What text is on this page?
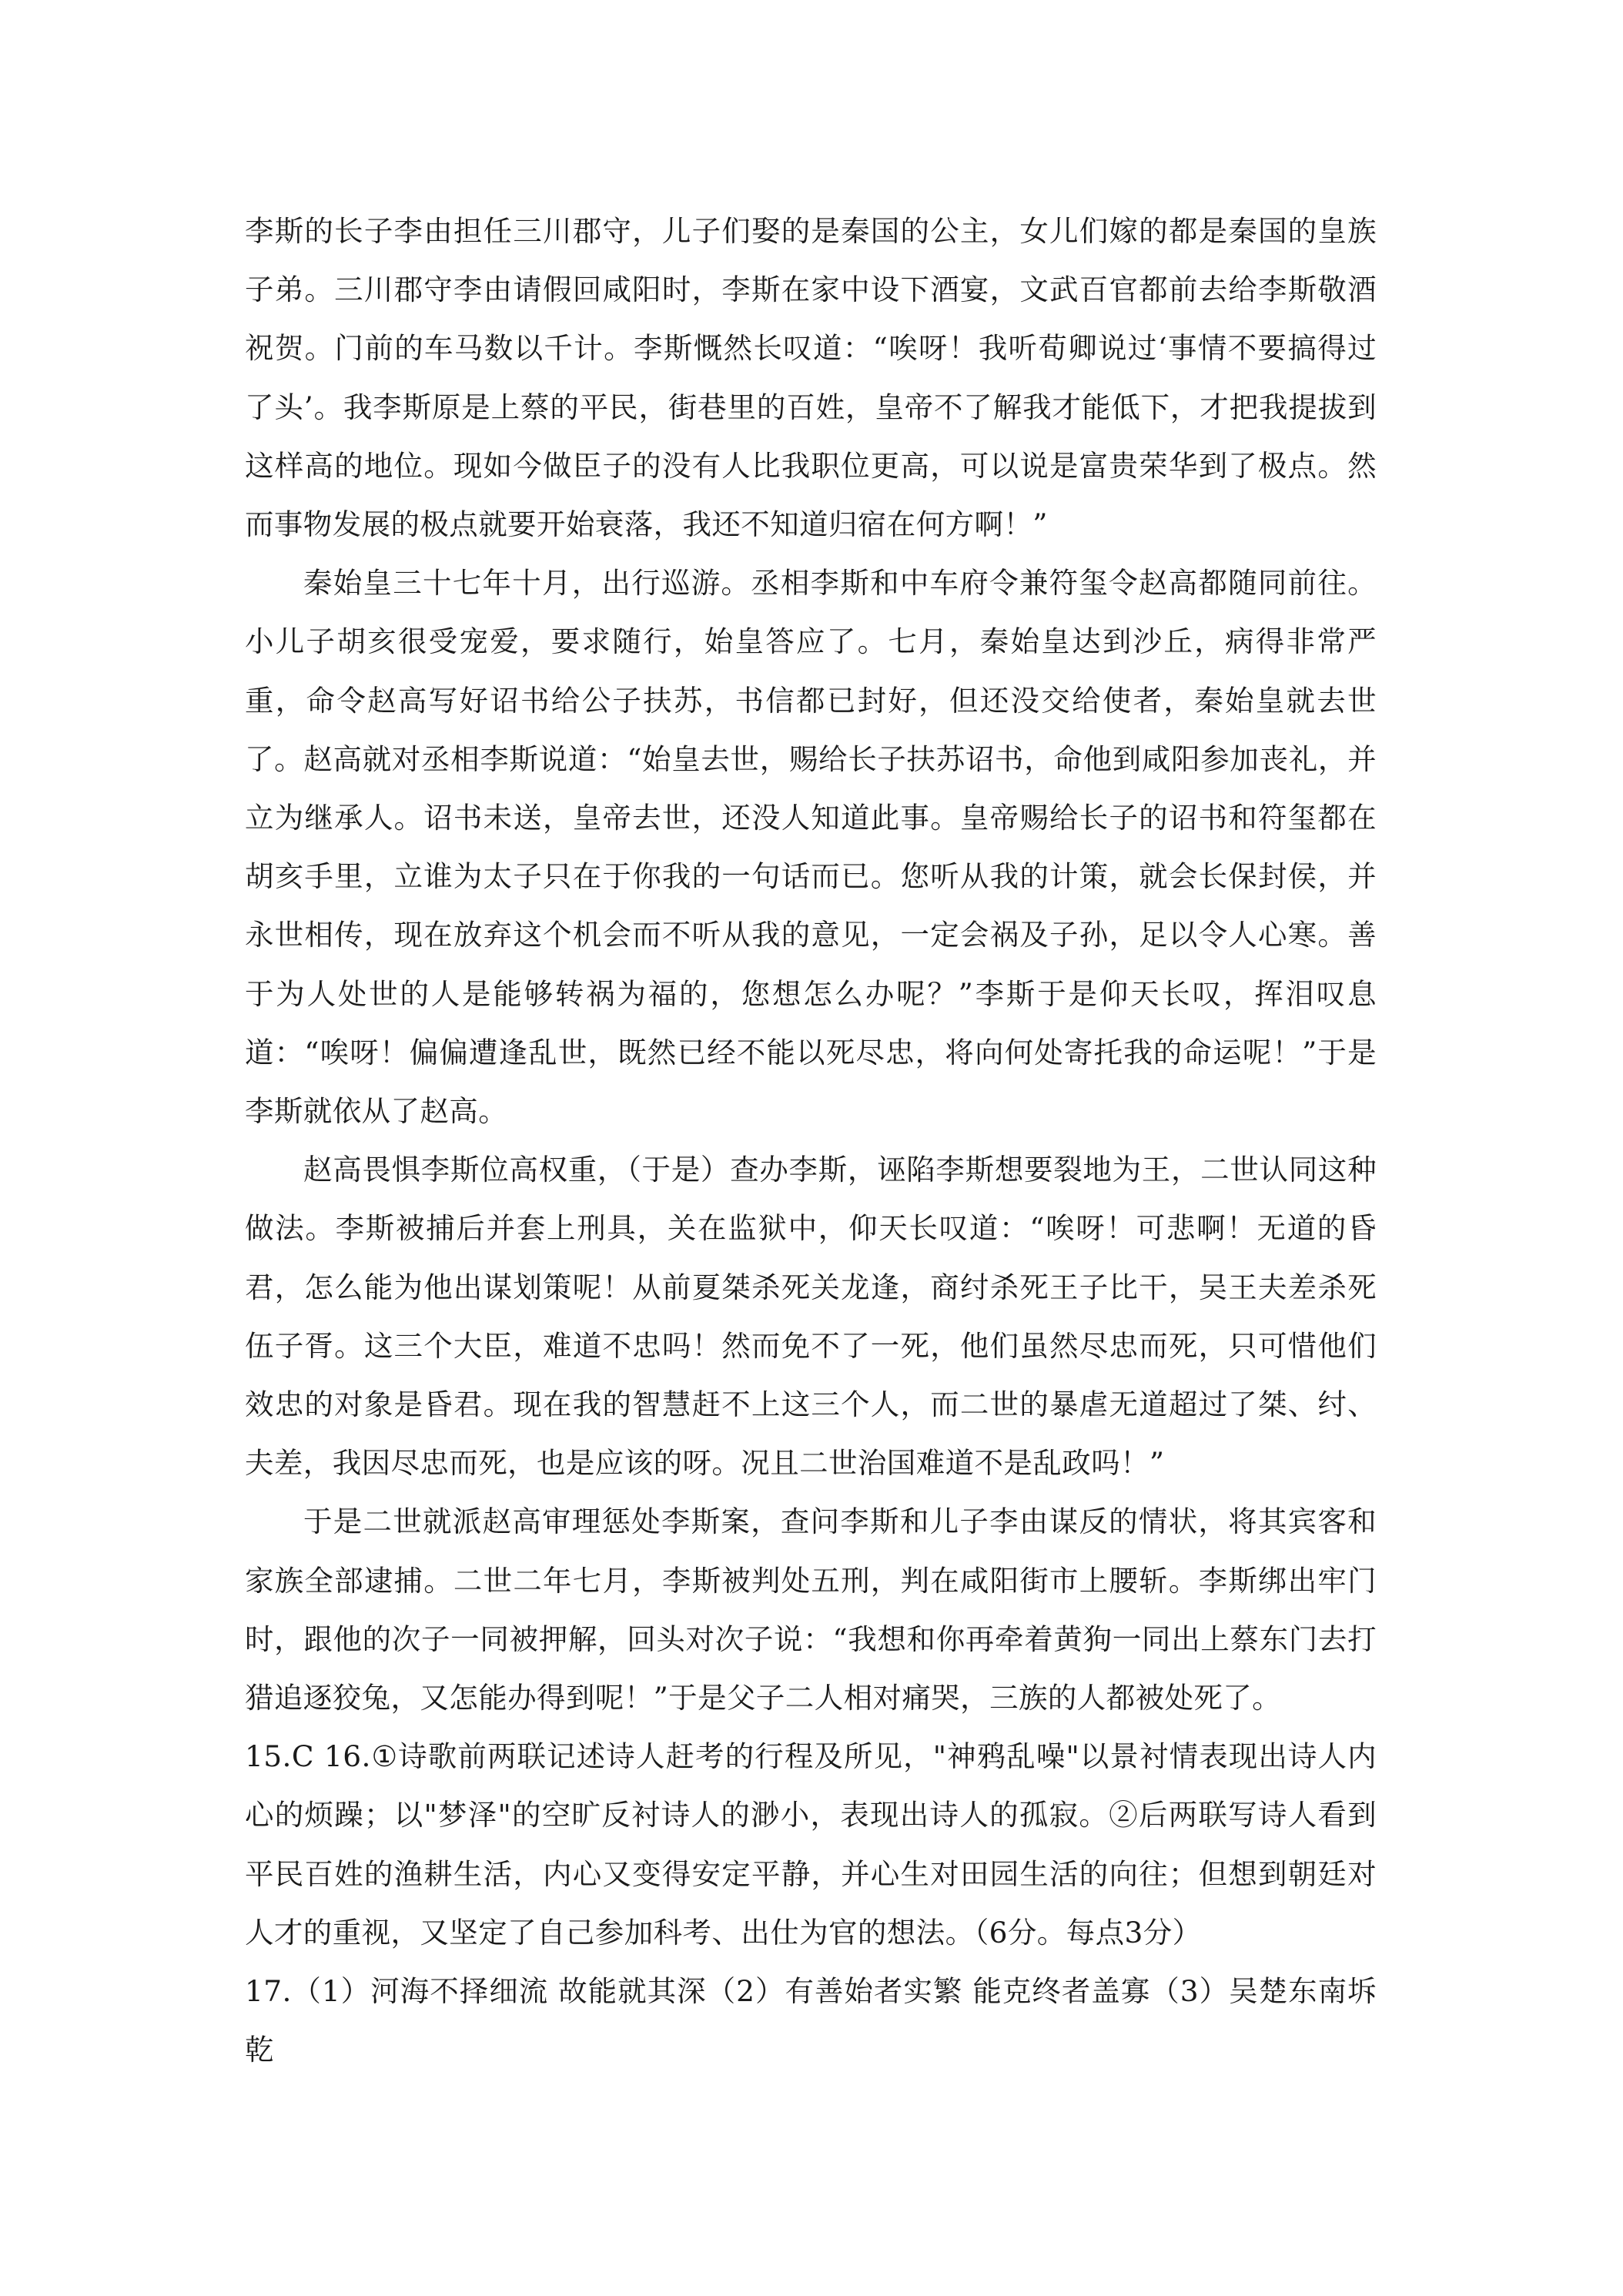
李斯的长子李由担任三川郡守，儿子们娶的是秦国的公主，女儿们嫁的都是秦国的皇族子弟。三川郡守李由请假回咸阳时，李斯在家中设下酒宴，文武百官都前去给李斯敬酒祝贺。门前的车马数以千计。李斯慨然长叹道：“唉呀！我听荀卿说过‘事情不要搞得过了头’。我李斯原是上蔡的平民，街巷里的百姓，皇帝不了解我才能低下，才把我提拔到这样高的地位。现如今做臣子的没有人比我职位更高，可以说是富贵荣华到了极点。然而事物发展的极点就要开始衰落，我还不知道归宿在何方啊！”

秦始皇三十七年十月，出行巡游。丞相李斯和中车府令兼符玺令赵高都随同前往。小儿子胡亥很受宠爱，要求随行，始皇答应了。七月，秦始皇达到沙丘，病得非常严重，命令赵高写好诏书给公子扶苏，书信都已封好，但还没交给使者，秦始皇就去世了。赵高就对丞相李斯说道：“始皇去世，赐给长子扶苏诏书，命他到咸阳参加丧礼，并立为继承人。诏书未送，皇帝去世，还没人知道此事。皇帝赐给长子的诏书和符玺都在胡亥手里，立谁为太子只在于你我的一句话而已。您听从我的计策，就会长保封侯，并永世相传，现在放弃这个机会而不听从我的意见，一定会祸及子孙，足以令人心寒。善于为人处世的人是能够转祸为福的，您想怎么办呢？”李斯于是仰天长叹，挥泪叹息道：“唉呀！偏偏遭逢乱世，既然已经不能以死尽忠，将向何处寄托我的命运呢！”于是李斯就依从了赵高。

赵高畏惧李斯位高权重，（于是）查办李斯，诬陷李斯想要裂地为王，二世认同这种做法。李斯被捕后并套上刑具，关在监狱中，仰天长叹道：“唉呀！可悲啊！无道的昏君，怎么能为他出谋划策呢！从前夏桀杀死关龙逢，商纣杀死王子比干，吴王夫差杀死伍子胥。这三个大臣，难道不忠吗！然而免不了一死，他们虽然尽忠而死，只可惜他们效忠的对象是昏君。现在我的智慧赶不上这三个人，而二世的暴虐无道超过了桀、纣、夫差，我因尽忠而死，也是应该的呀。况且二世治国难道不是乱政吗！”

于是二世就派赵高审理惩处李斯案，查问李斯和儿子李由谋反的情状，将其宾客和家族全部逮捕。二世二年七月，李斯被判处五刑，判在咸阳街市上腰斩。李斯绑出牢门时，跟他的次子一同被押解，回头对次子说：“我想和你再牵着黄狗一同出上蔡东门去打猎追逐狡兔，又怎能办得到呢！”于是父子二人相对痛哭，三族的人都被处死了。

15.C 16.①诗歌前两联记述诗人赶考的行程及所见，"神鸦乱噪"以景衬情表现出诗人内心的烦躁；以"梦泽"的空旷反衬诗人的渺小，表现出诗人的孤寂。②后两联写诗人看到平民百姓的渔耕生活，内心又变得安定平静，并心生对田园生活的向往；但想到朝廷对人才的重视，又坚定了自己参加科考、出仕为官的想法。（6分。每点3分）

17.（1）河海不择细流 故能就其深（2）有善始者实繁 能克终者盖寡（3）吴楚东南坼 乾
